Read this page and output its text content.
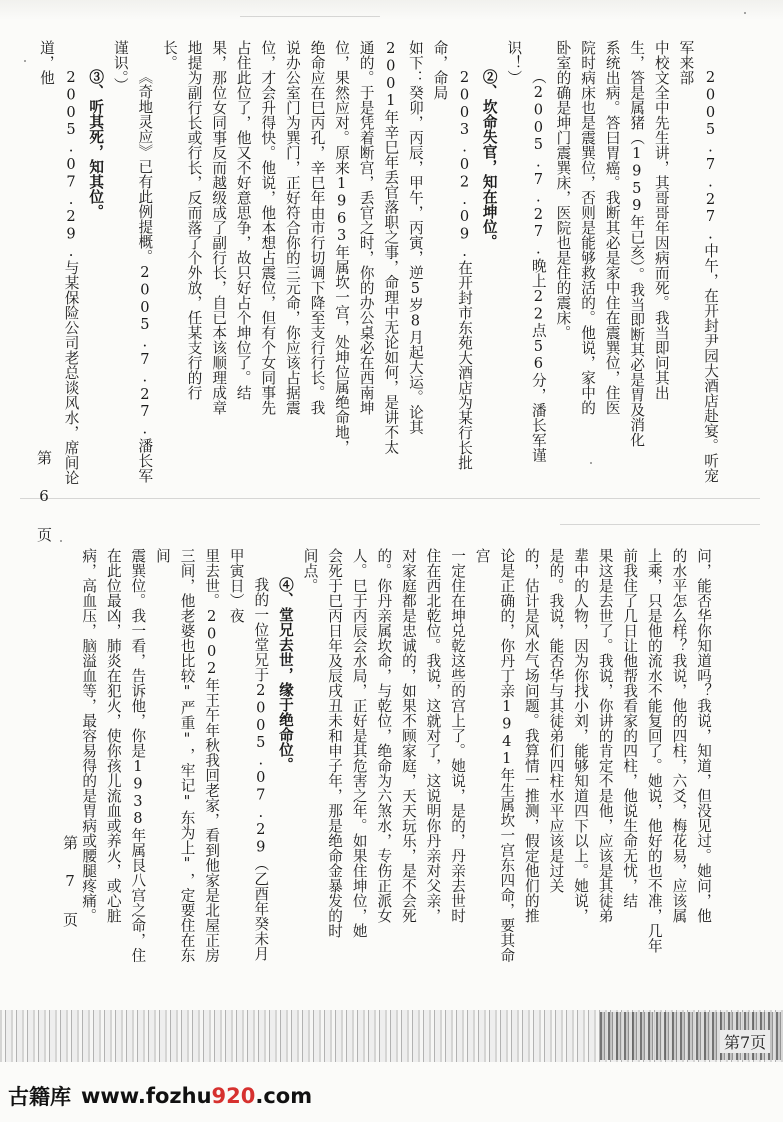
2005.7.27.中午，在开封尹园大酒店赴宴。听宠军来部
中校文全中先生讲，其哥哥年因病而死。我当即问其出
生，答是属猪（1959年已亥）。我当即断其必是胃及消化
系统出病。答曰胃癌。我断其必是家中住在震巽位，住医
院时病床也是震巽位，否则是能够救活的。他说，家中的
卧室的确是坤门震巽床，医院也是住的震床。
（2005.7.27.晚上22点56分，潘长军谨识！）
②、坎命失官，知在坤位。
2003.02.09.在开封市东苑大酒店为某行长批命，命局
如下：癸卯，丙辰，甲午，丙寅，逆5岁8月起大运。论其
2001年辛巳年丢官落职之事，命理中无论如何，是讲不太
通的。于是凭着断宫，丢官之时，你的办公桌必在西南坤
位，果然应对。原来1963年属坎一宫，处坤位属绝命地，
绝命应在巳丙孔，辛巳年由市行切调下降至支行行长。我
说办公室门为巽门，正好符合你的三元命，你应该占据震
位，才会升得快。他说，他本想占震位，但有个女同事先
占住此位了，他又不好意思争，故只好占个坤位了。结
果，那位女同事反而越级成了副行长，自已本该顺理成章
地提为副行长或行长，反而落了个外放，任某支行的行
长。
《奇地灵应》已有此例提概。2005.7.27.潘长军
谨识。）
③、听其死，知其位。
2005.07.29.与某保险公司老总谈风水，席间论道，他
第 6 页
问，能否华你知道吗？我说，知道，但没见过。她问，他
的水平怎么样？我说，他的四柱，六爻，梅花易，应该属
上乘，只是他的流水不能复回了。她说，他好的也不准，几年
前我住了几日让他帮我看家的四柱，他说生命无忧，结
果这是去世了。我说，你讲的肯定不是他，应该是其徒弟
辈中的人物，因为你找小刘，能够知道四下以上。她说，
是的。我说，能否华与其徒弟们四柱水平应该是过关
的，估计是风水气场问题。我算情一推测，假定他们的推
论是正确的，你丹丁亲1941年生属坎一宫东四命，要其命宫
一定住在坤兑乾这些的宫上了。她说，是的，丹亲去世时
住在西北乾位。我说，这就对了，这说明你丹亲对父亲，
对家庭都是忠诚的，如果不顾家庭，天天玩乐，是不会死
的。你丹亲属坎命，与乾位，绝命为六煞水，专伤正派女
人。巳于丙辰会水局，正好是其危害之年。如果住坤位，她
会死于巳丙日年及辰戌丑未和申子年，那是绝命金暴发的时
间点。
④、堂兄去世，缘于绝命位。
我的一位堂兄于2005.07.29（乙酉年癸未月甲寅日）夜
里去世。2002年王午年秋我回老家，看到他家是北屋正房
三间，他老婆也比较"严重"，牢记"东为上"，定要住在东间
震巽位。我一看，告诉他，你是1938年属艮八宫之命，住
在此位最凶，肺炎在犯火，使你孩儿流血或养火，或心脏
病，高血压，脑溢血等，最容易得的是胃病或腰腿疼痛。
第 7 页
第7页
古籍库 www.fozhu920.com
